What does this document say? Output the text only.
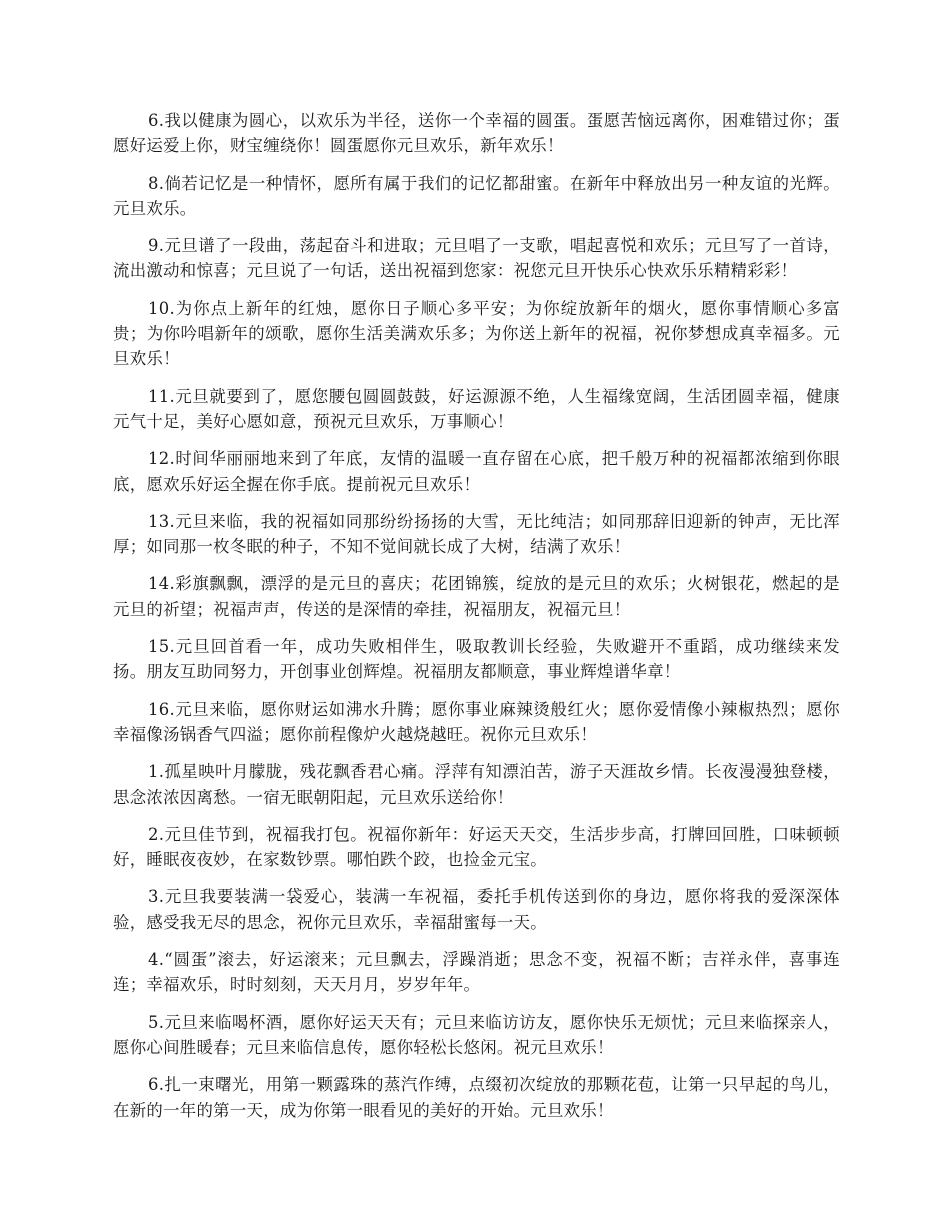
6.我以健康为圆心，以欢乐为半径，送你一个幸福的圆蛋。蛋愿苦恼远离你，困难错过你；蛋愿好运爱上你，财宝缠绕你！圆蛋愿你元旦欢乐，新年欢乐！

8.倘若记忆是一种情怀，愿所有属于我们的记忆都甜蜜。在新年中释放出另一种友谊的光辉。元旦欢乐。

9.元旦谱了一段曲，荡起奋斗和进取；元旦唱了一支歌，唱起喜悦和欢乐；元旦写了一首诗，流出激动和惊喜；元旦说了一句话，送出祝福到您家：祝您元旦开快乐心快欢乐乐精精彩彩！

10.为你点上新年的红烛，愿你日子顺心多平安；为你绽放新年的烟火，愿你事情顺心多富贵；为你吟唱新年的颂歌，愿你生活美满欢乐多；为你送上新年的祝福，祝你梦想成真幸福多。元旦欢乐！

11.元旦就要到了，愿您腰包圆圆鼓鼓，好运源源不绝，人生福缘宽阔，生活团圆幸福，健康元气十足，美好心愿如意，预祝元旦欢乐，万事顺心！

12.时间华丽丽地来到了年底，友情的温暖一直存留在心底，把千般万种的祝福都浓缩到你眼底，愿欢乐好运全握在你手底。提前祝元旦欢乐！

13.元旦来临，我的祝福如同那纷纷扬扬的大雪，无比纯洁；如同那辞旧迎新的钟声，无比浑厚；如同那一枚冬眠的种子，不知不觉间就长成了大树，结满了欢乐！

14.彩旗飘飘，漂浮的是元旦的喜庆；花团锦簇，绽放的是元旦的欢乐；火树银花，燃起的是元旦的祈望；祝福声声，传送的是深情的牵挂，祝福朋友，祝福元旦！

15.元旦回首看一年，成功失败相伴生，吸取教训长经验，失败避开不重蹈，成功继续来发扬。朋友互助同努力，开创事业创辉煌。祝福朋友都顺意，事业辉煌谱华章！

16.元旦来临，愿你财运如沸水升腾；愿你事业麻辣烫般红火；愿你爱情像小辣椒热烈；愿你幸福像汤锅香气四溢；愿你前程像炉火越烧越旺。祝你元旦欢乐！

1.孤星映叶月朦胧，残花飘香君心痛。浮萍有知漂泊苦，游子天涯故乡情。长夜漫漫独登楼，思念浓浓因离愁。一宿无眠朝阳起，元旦欢乐送给你！

2.元旦佳节到，祝福我打包。祝福你新年：好运天天交，生活步步高，打牌回回胜，口味顿顿好，睡眠夜夜妙，在家数钞票。哪怕跌个跤，也捡金元宝。

3.元旦我要装满一袋爱心，装满一车祝福，委托手机传送到你的身边，愿你将我的爱深深体验，感受我无尽的思念，祝你元旦欢乐，幸福甜蜜每一天。

4.“圆蛋”滚去，好运滚来；元旦飘去，浮躁消逝；思念不变，祝福不断；吉祥永伴，喜事连连；幸福欢乐，时时刻刻，天天月月，岁岁年年。

5.元旦来临喝杯酒，愿你好运天天有；元旦来临访访友，愿你快乐无烦忧；元旦来临探亲人，愿你心间胜暖春；元旦来临信息传，愿你轻松长悠闲。祝元旦欢乐！

6.扎一束曙光，用第一颗露珠的蒸汽作缚，点缀初次绽放的那颗花苞，让第一只早起的鸟儿，在新的一年的第一天，成为你第一眼看见的美好的开始。元旦欢乐！
